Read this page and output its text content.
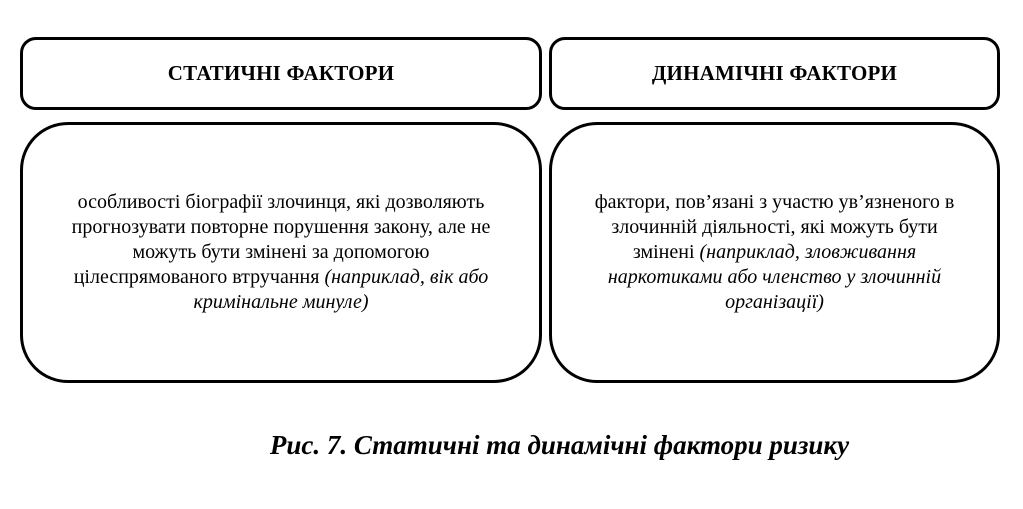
СТАТИЧНІ ФАКТОРИ	ДИНАМІЧНІ ФАКТОРИ
особливості біографії злочинця, які дозволяють прогнозувати повторне порушення закону, але не можуть бути змінені за допомогою цілеспрямованого втручання (наприклад, вік або кримінальне минуле)
фактори, пов’язані з участю ув’язненого в злочинній діяльності, які можуть бути змінені (наприклад, зловживання наркотиками або членство у злочинній організації)
Рис. 7. Статичні та динамічні фактори ризику
